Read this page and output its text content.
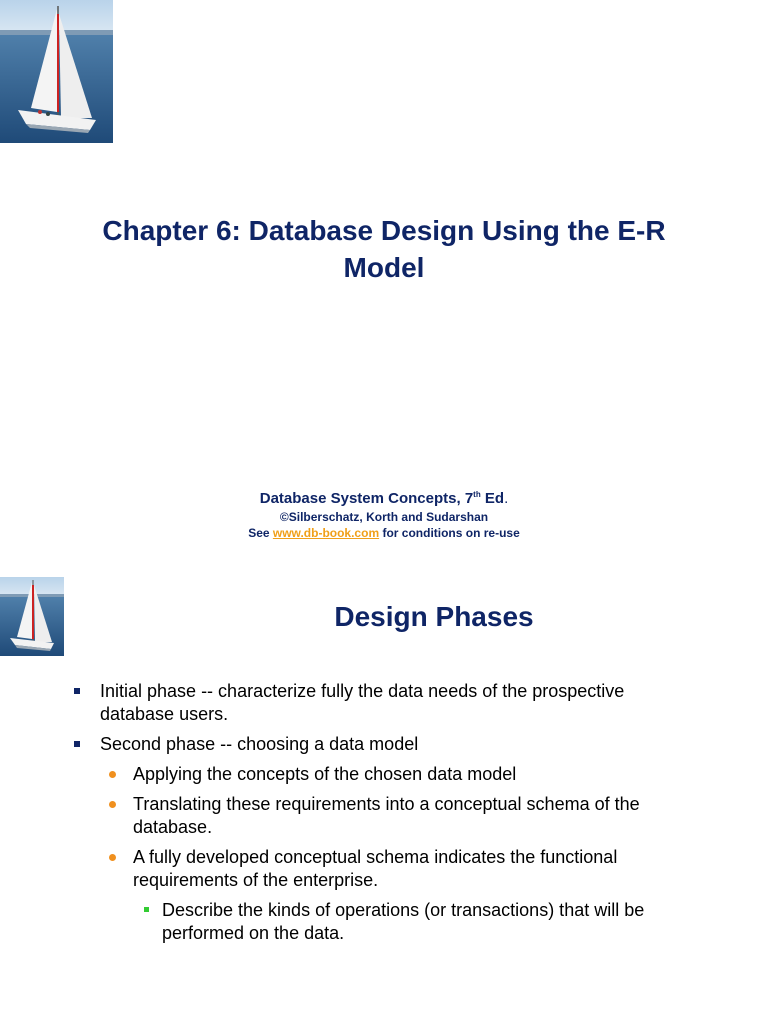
Chapter 6: Database Design Using the E-R Model
Database System Concepts, 7th Ed.
©Silberschatz, Korth and Sudarshan
See www.db-book.com for conditions on re-use
Design Phases
Initial phase -- characterize fully the data needs of the prospective database users.
Second phase -- choosing a data model
Applying the concepts of the chosen data model
Translating these requirements into a conceptual schema of the database.
A fully developed conceptual schema indicates the functional requirements of the enterprise.
Describe the kinds of operations (or transactions) that will be performed on the data.
